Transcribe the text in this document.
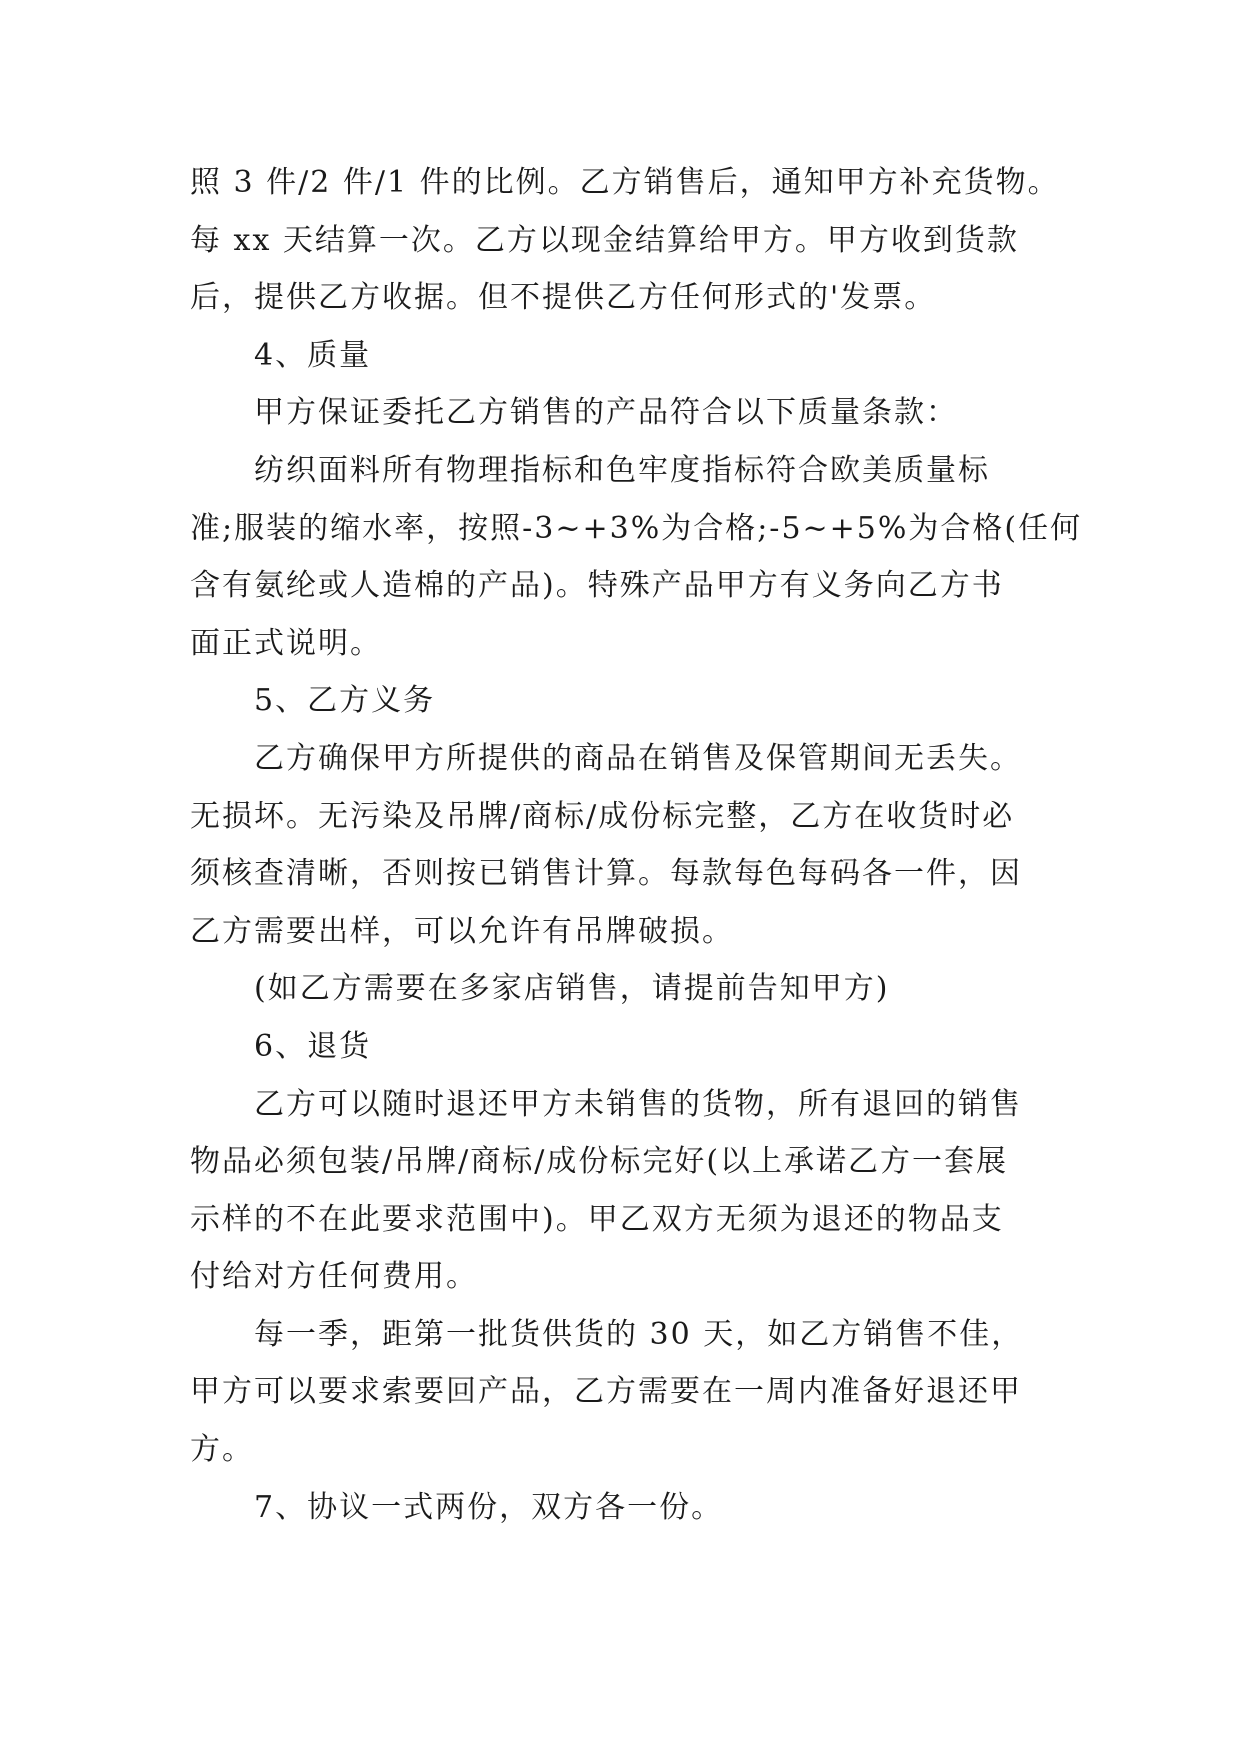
照 3 件/2 件/1 件的比例。乙方销售后，通知甲方补充货物。
每 xx 天结算一次。乙方以现金结算给甲方。甲方收到货款
后，提供乙方收据。但不提供乙方任何形式的'发票。
4、质量
甲方保证委托乙方销售的产品符合以下质量条款：
纺织面料所有物理指标和色牢度指标符合欧美质量标
准;服装的缩水率，按照-3~+3%为合格;-5~+5%为合格(任何
含有氨纶或人造棉的产品)。特殊产品甲方有义务向乙方书
面正式说明。
5、乙方义务
乙方确保甲方所提供的商品在销售及保管期间无丢失。
无损坏。无污染及吊牌/商标/成份标完整，乙方在收货时必
须核查清晰，否则按已销售计算。每款每色每码各一件，因
乙方需要出样，可以允许有吊牌破损。
(如乙方需要在多家店销售，请提前告知甲方)
6、退货
乙方可以随时退还甲方未销售的货物，所有退回的销售
物品必须包装/吊牌/商标/成份标完好(以上承诺乙方一套展
示样的不在此要求范围中)。甲乙双方无须为退还的物品支
付给对方任何费用。
每一季，距第一批货供货的 30 天，如乙方销售不佳，
甲方可以要求索要回产品，乙方需要在一周内准备好退还甲
方。
7、协议一式两份，双方各一份。
